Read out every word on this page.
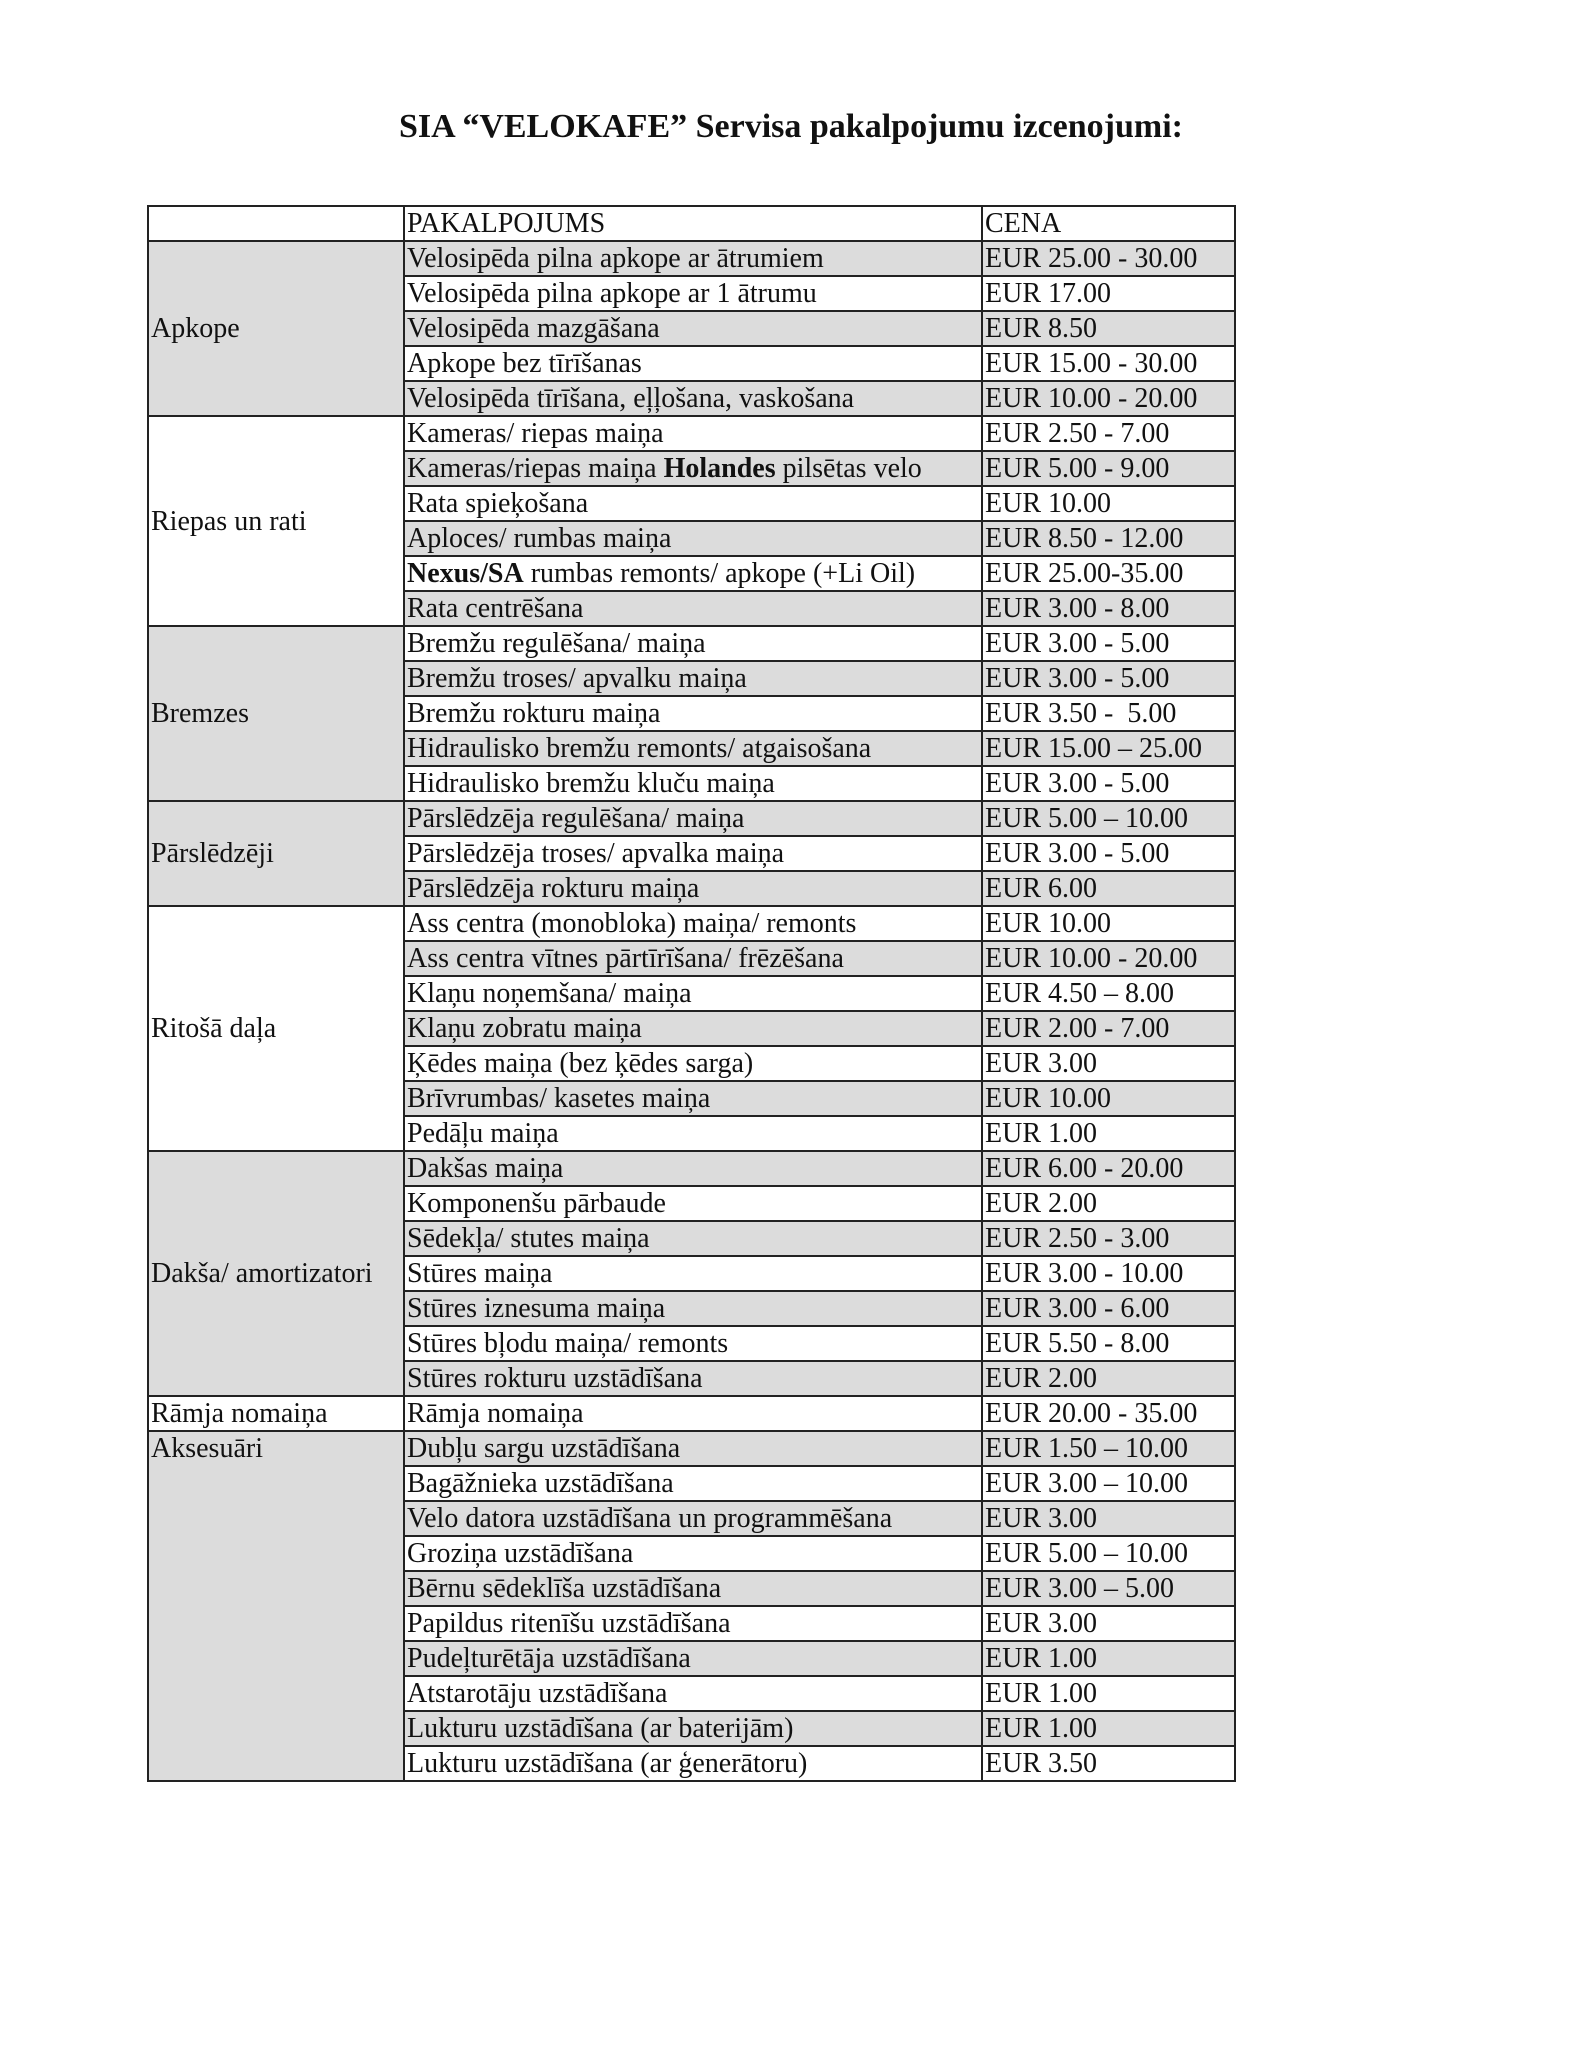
SIA “VELOKAFE” Servisa pakalpojumu izcenojumi:
	PAKALPOJUMS	CENA
Apkope	Velosipēda pilna apkope ar ātrumiem	EUR 25.00 - 30.00
	Velosipēda pilna apkope ar 1 ātrumu	EUR 17.00
	Velosipēda mazgāšana	EUR 8.50
	Apkope bez tīrīšanas	EUR 15.00 - 30.00
	Velosipēda tīrīšana, eļļošana, vaskošana	EUR 10.00 - 20.00
Riepas un rati	Kameras/ riepas maiņa	EUR 2.50 - 7.00
	Kameras/riepas maiņa Holandes pilsētas velo	EUR 5.00 - 9.00
	Rata spieķošana	EUR 10.00
	Aploces/ rumbas maiņa	EUR 8.50 - 12.00
	Nexus/SA rumbas remonts/ apkope (+Li Oil)	EUR 25.00-35.00
	Rata centrēšana	EUR 3.00 - 8.00
Bremzes	Bremžu regulēšana/ maiņa	EUR 3.00 - 5.00
	Bremžu troses/ apvalku maiņa	EUR 3.00 - 5.00
	Bremžu rokturu maiņa	EUR 3.50 -  5.00
	Hidraulisko bremžu remonts/ atgaisošana	EUR 15.00 – 25.00
	Hidraulisko bremžu kluču maiņa	EUR 3.00 - 5.00
Pārslēdzēji	Pārslēdzēja regulēšana/ maiņa	EUR 5.00 – 10.00
	Pārslēdzēja troses/ apvalka maiņa	EUR 3.00 - 5.00
	Pārslēdzēja rokturu maiņa	EUR 6.00
Ritošā daļa	Ass centra (monobloka) maiņa/ remonts	EUR 10.00
	Ass centra vītnes pārtīrīšana/ frēzēšana	EUR 10.00 - 20.00
	Klaņu noņemšana/ maiņa	EUR 4.50 – 8.00
	Klaņu zobratu maiņa	EUR 2.00 - 7.00
	Ķēdes maiņa (bez ķēdes sarga)	EUR 3.00
	Brīvrumbas/ kasetes maiņa	EUR 10.00
	Pedāļu maiņa	EUR 1.00
Dakša/ amortizatori	Dakšas maiņa	EUR 6.00 - 20.00
	Komponenšu pārbaude	EUR 2.00
	Sēdekļa/ stutes maiņa	EUR 2.50 - 3.00
	Stūres maiņa	EUR 3.00 - 10.00
	Stūres iznesuma maiņa	EUR 3.00 - 6.00
	Stūres bļodu maiņa/ remonts	EUR 5.50 - 8.00
	Stūres rokturu uzstādīšana	EUR 2.00
Rāmja nomaiņa	Rāmja nomaiņa	EUR 20.00 - 35.00
Aksesuāri	Dubļu sargu uzstādīšana	EUR 1.50 – 10.00
	Bagāžnieka uzstādīšana	EUR 3.00 – 10.00
	Velo datora uzstādīšana un programmēšana	EUR 3.00
	Groziņa uzstādīšana	EUR 5.00 – 10.00
	Bērnu sēdeklīša uzstādīšana	EUR 3.00 – 5.00
	Papildus ritenīšu uzstādīšana	EUR 3.00
	Pudeļturētāja uzstādīšana	EUR 1.00
	Atstarotāju uzstādīšana	EUR 1.00
	Lukturu uzstādīšana (ar baterijām)	EUR 1.00
	Lukturu uzstādīšana (ar ģenerātoru)	EUR 3.50
